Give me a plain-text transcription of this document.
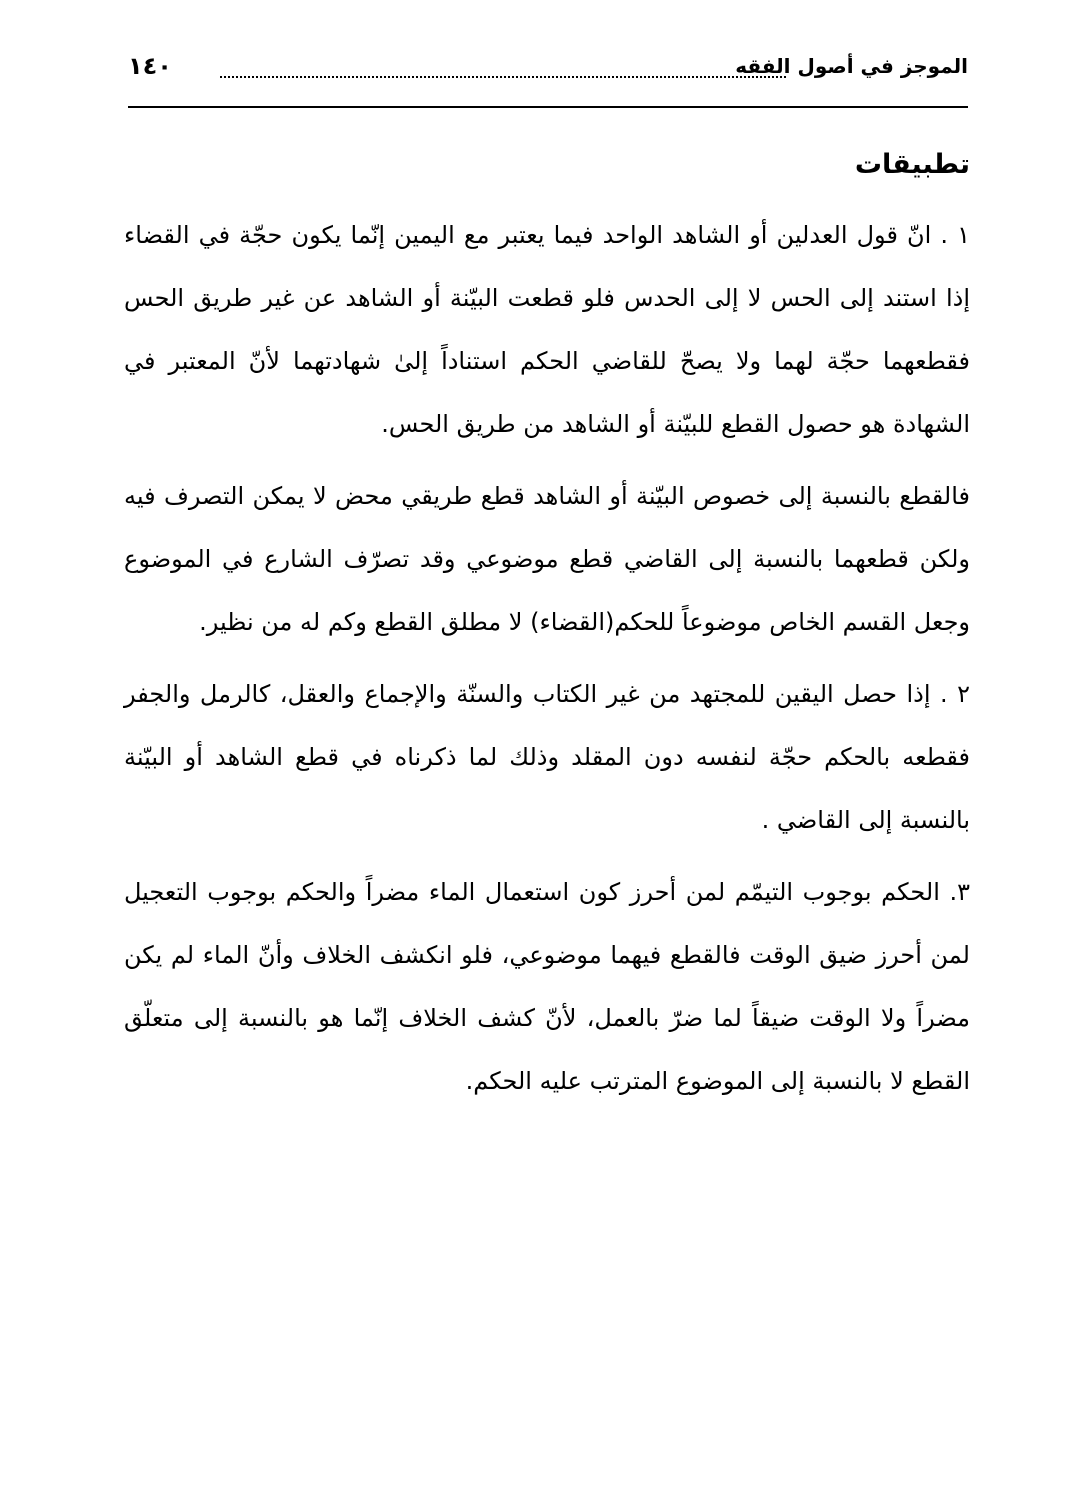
الموجز في أصول الفقه
١٤٠
تطبيقات

١ . انّ قول العدلين أو الشاهد الواحد فيما يعتبر مع اليمين إنّما يكون حجّة في القضاء إذا استند إلى الحس لا إلى الحدس فلو قطعت البيّنة أو الشاهد عن غير طريق الحس فقطعهما حجّة لهما ولا يصحّ للقاضي الحكم استناداً إلىٰ شهادتهما لأنّ المعتبر في الشهادة هو حصول القطع للبيّنة أو الشاهد من طريق الحس.

فالقطع بالنسبة إلى خصوص البيّنة أو الشاهد قطع طريقي محض لا يمكن التصرف فيه ولكن قطعهما بالنسبة إلى القاضي قطع موضوعي وقد تصرّف الشارع في الموضوع وجعل القسم الخاص موضوعاً للحكم(القضاء) لا مطلق القطع وكم له من نظير.

٢ . إذا حصل اليقين للمجتهد من غير الكتاب والسنّة والإجماع والعقل، كالرمل والجفر فقطعه بالحكم حجّة لنفسه دون المقلد وذلك لما ذكرناه في قطع الشاهد أو البيّنة بالنسبة إلى القاضي .

٣. الحكم بوجوب التيمّم لمن أحرز كون استعمال الماء مضراً والحكم بوجوب التعجيل لمن أحرز ضيق الوقت فالقطع فيهما موضوعي، فلو انكشف الخلاف وأنّ الماء لم يكن مضراً ولا الوقت ضيقاً لما ضرّ بالعمل، لأنّ كشف الخلاف إنّما هو بالنسبة إلى متعلّق القطع لا بالنسبة إلى الموضوع المترتب عليه الحكم.
